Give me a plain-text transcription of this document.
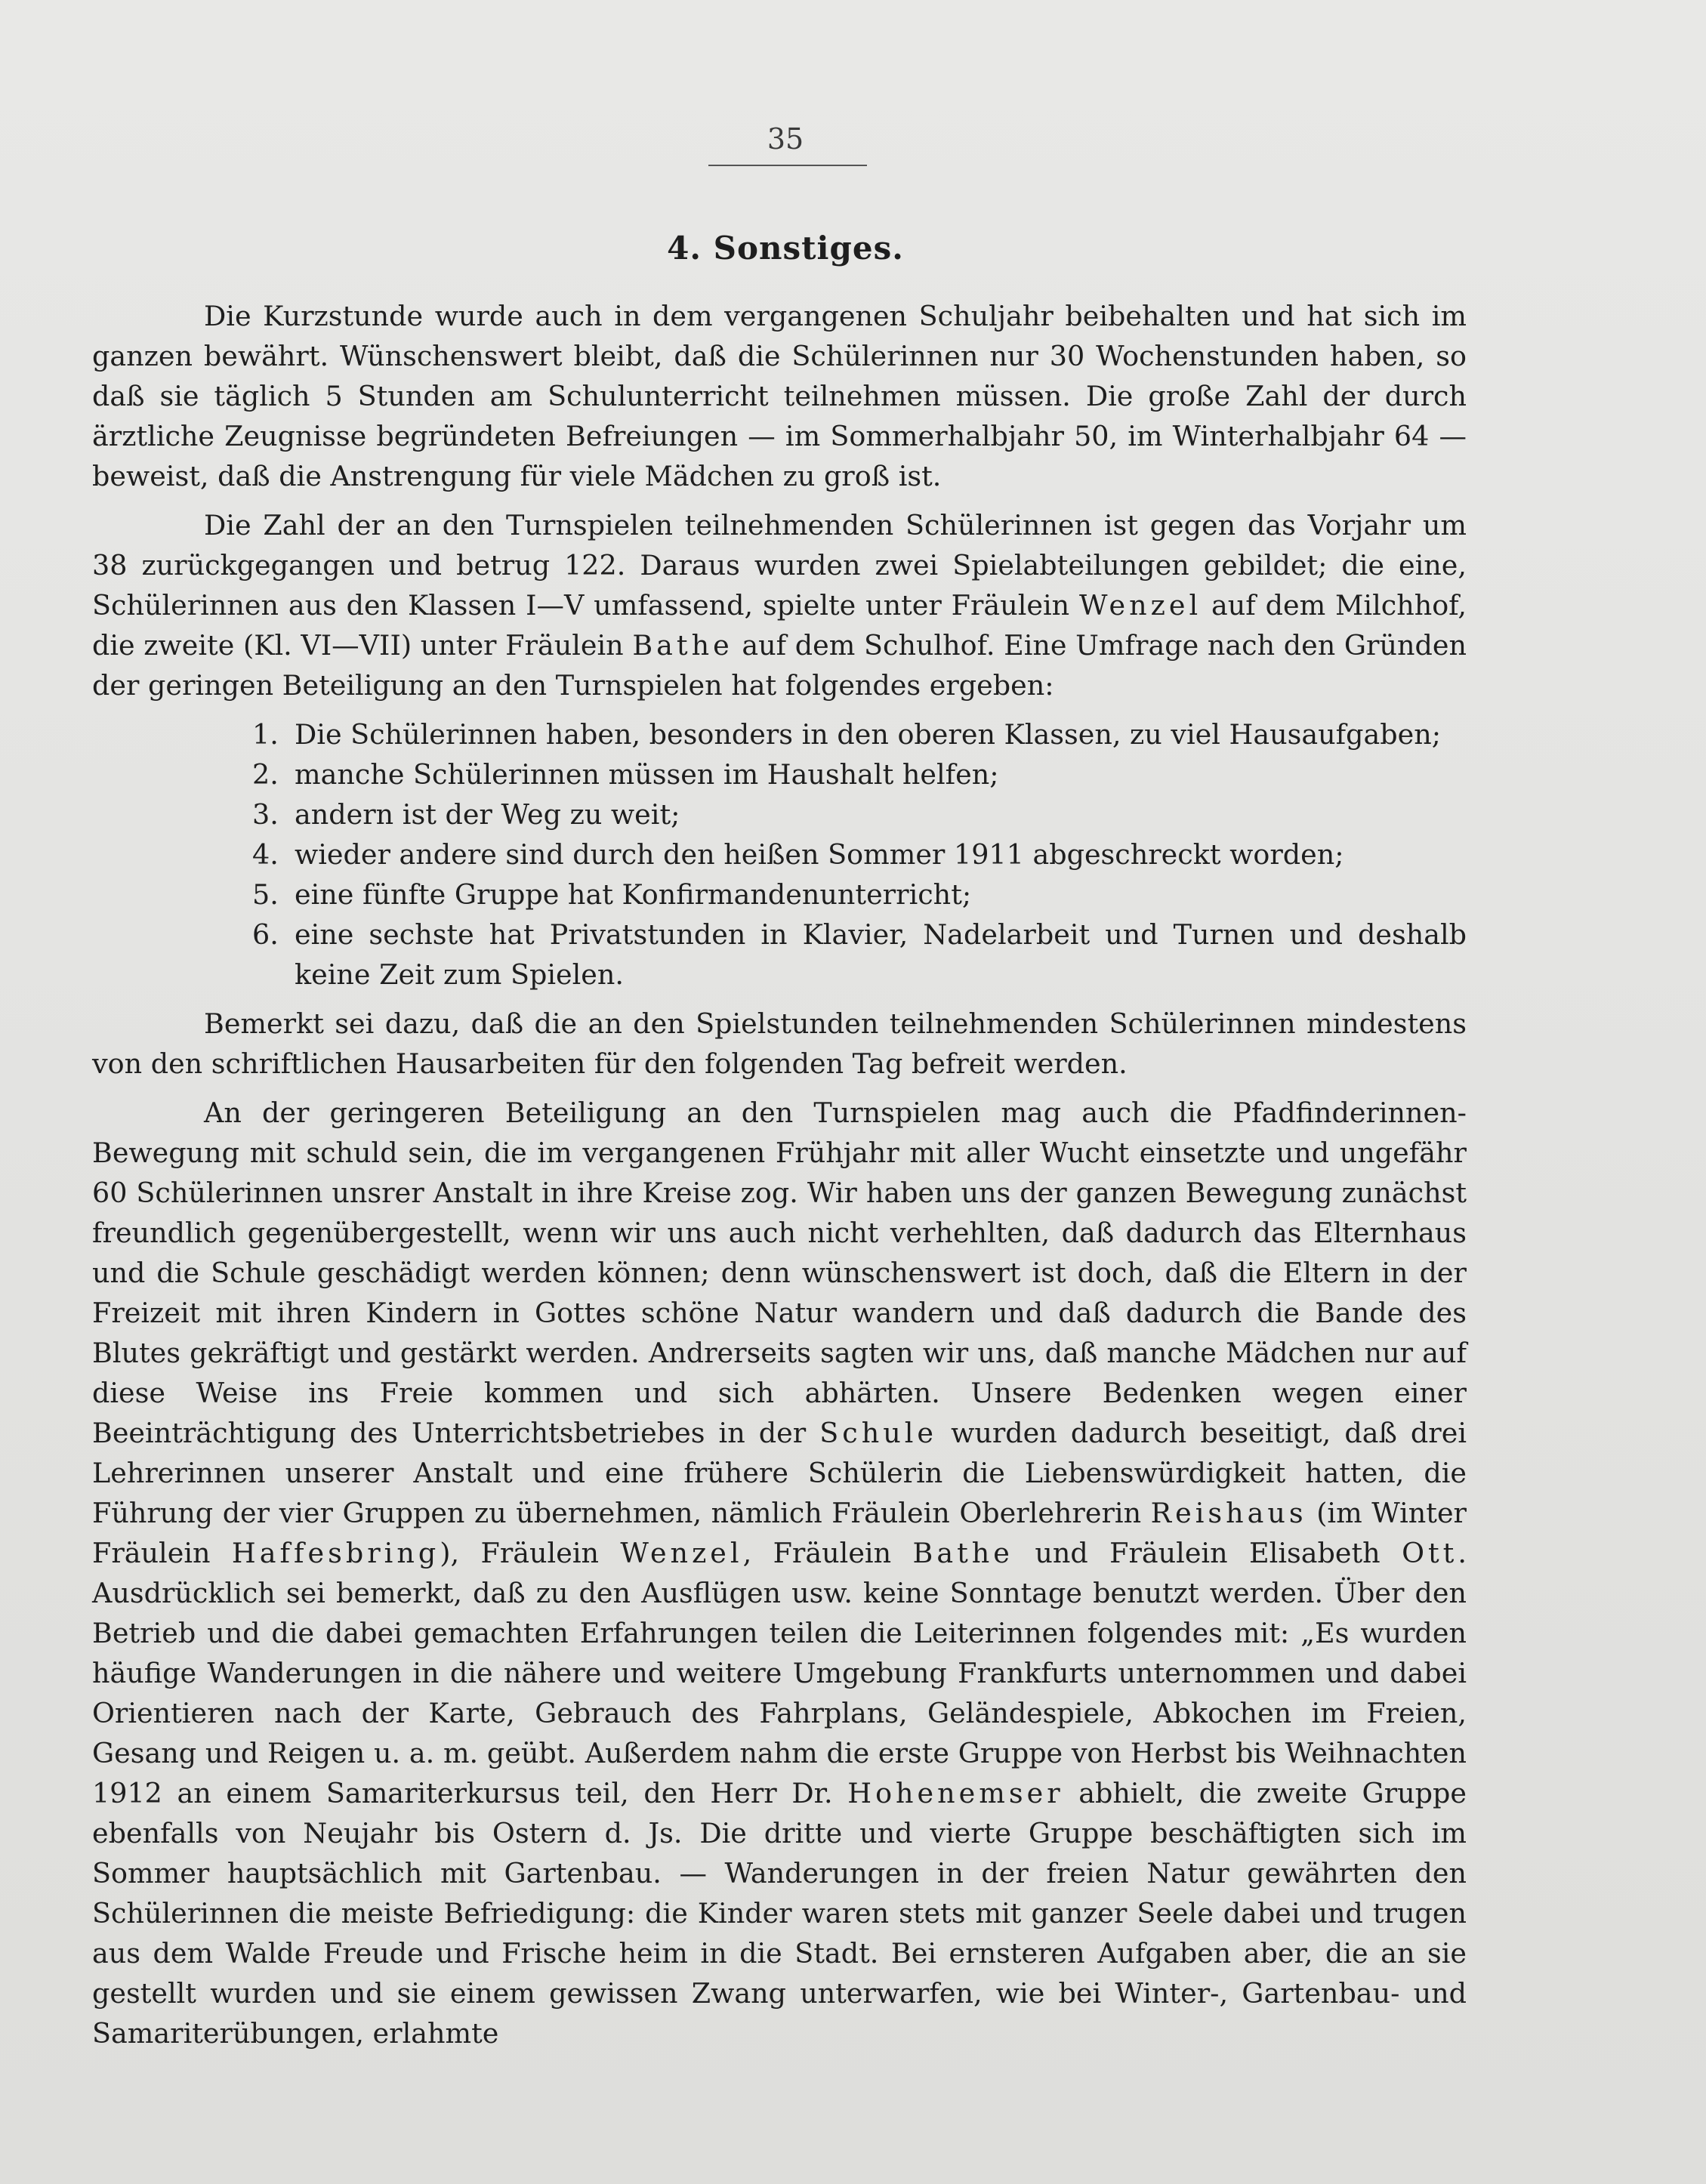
35
4. Sonstiges.

Die Kurzstunde wurde auch in dem vergangenen Schuljahr beibehalten und hat sich im ganzen bewährt. Wünschenswert bleibt, daß die Schülerinnen nur 30 Wochenstunden haben, so daß sie täglich 5 Stunden am Schulunterricht teilnehmen müssen. Die große Zahl der durch ärztliche Zeugnisse begründeten Befreiungen — im Sommerhalbjahr 50, im Winterhalbjahr 64 — beweist, daß die Anstrengung für viele Mädchen zu groß ist.

Die Zahl der an den Turnspielen teilnehmenden Schülerinnen ist gegen das Vorjahr um 38 zurückgegangen und betrug 122. Daraus wurden zwei Spielabteilungen gebildet; die eine, Schülerinnen aus den Klassen I—V umfassend, spielte unter Fräulein Wenzel auf dem Milchhof, die zweite (Kl. VI—VII) unter Fräulein Bathe auf dem Schulhof. Eine Umfrage nach den Gründen der geringen Beteiligung an den Turnspielen hat folgendes ergeben:

1. Die Schülerinnen haben, besonders in den oberen Klassen, zu viel Hausaufgaben;
2. manche Schülerinnen müssen im Haushalt helfen;
3. andern ist der Weg zu weit;
4. wieder andere sind durch den heißen Sommer 1911 abgeschreckt worden;
5. eine fünfte Gruppe hat Konfirmandenunterricht;
6. eine sechste hat Privatstunden in Klavier, Nadelarbeit und Turnen und deshalb keine Zeit zum Spielen.

Bemerkt sei dazu, daß die an den Spielstunden teilnehmenden Schülerinnen mindestens von den schriftlichen Hausarbeiten für den folgenden Tag befreit werden.

An der geringeren Beteiligung an den Turnspielen mag auch die Pfadfinderinnen-Bewegung mit schuld sein, die im vergangenen Frühjahr mit aller Wucht einsetzte und ungefähr 60 Schülerinnen unsrer Anstalt in ihre Kreise zog. Wir haben uns der ganzen Bewegung zunächst freundlich gegenübergestellt, wenn wir uns auch nicht verhehlten, daß dadurch das Elternhaus und die Schule geschädigt werden können; denn wünschenswert ist doch, daß die Eltern in der Freizeit mit ihren Kindern in Gottes schöne Natur wandern und daß dadurch die Bande des Blutes gekräftigt und gestärkt werden. Andrerseits sagten wir uns, daß manche Mädchen nur auf diese Weise ins Freie kommen und sich abhärten. Unsere Bedenken wegen einer Beeinträchtigung des Unterrichtsbetriebes in der Schule wurden dadurch beseitigt, daß drei Lehrerinnen unserer Anstalt und eine frühere Schülerin die Liebenswürdigkeit hatten, die Führung der vier Gruppen zu übernehmen, nämlich Fräulein Oberlehrerin Reishaus (im Winter Fräulein Haffesbring), Fräulein Wenzel, Fräulein Bathe und Fräulein Elisabeth Ott. Ausdrücklich sei bemerkt, daß zu den Ausflügen usw. keine Sonntage benutzt werden. Über den Betrieb und die dabei gemachten Erfahrungen teilen die Leiterinnen folgendes mit: „Es wurden häufige Wanderungen in die nähere und weitere Umgebung Frankfurts unternommen und dabei Orientieren nach der Karte, Gebrauch des Fahrplans, Geländespiele, Abkochen im Freien, Gesang und Reigen u. a. m. geübt. Außerdem nahm die erste Gruppe von Herbst bis Weihnachten 1912 an einem Samariterkursus teil, den Herr Dr. Hohenemser abhielt, die zweite Gruppe ebenfalls von Neujahr bis Ostern d. Js. Die dritte und vierte Gruppe beschäftigten sich im Sommer hauptsächlich mit Gartenbau. — Wanderungen in der freien Natur gewährten den Schülerinnen die meiste Befriedigung: die Kinder waren stets mit ganzer Seele dabei und trugen aus dem Walde Freude und Frische heim in die Stadt. Bei ernsteren Aufgaben aber, die an sie gestellt wurden und sie einem gewissen Zwang unterwarfen, wie bei Winter-, Gartenbau- und Samariterübungen, erlahmte
